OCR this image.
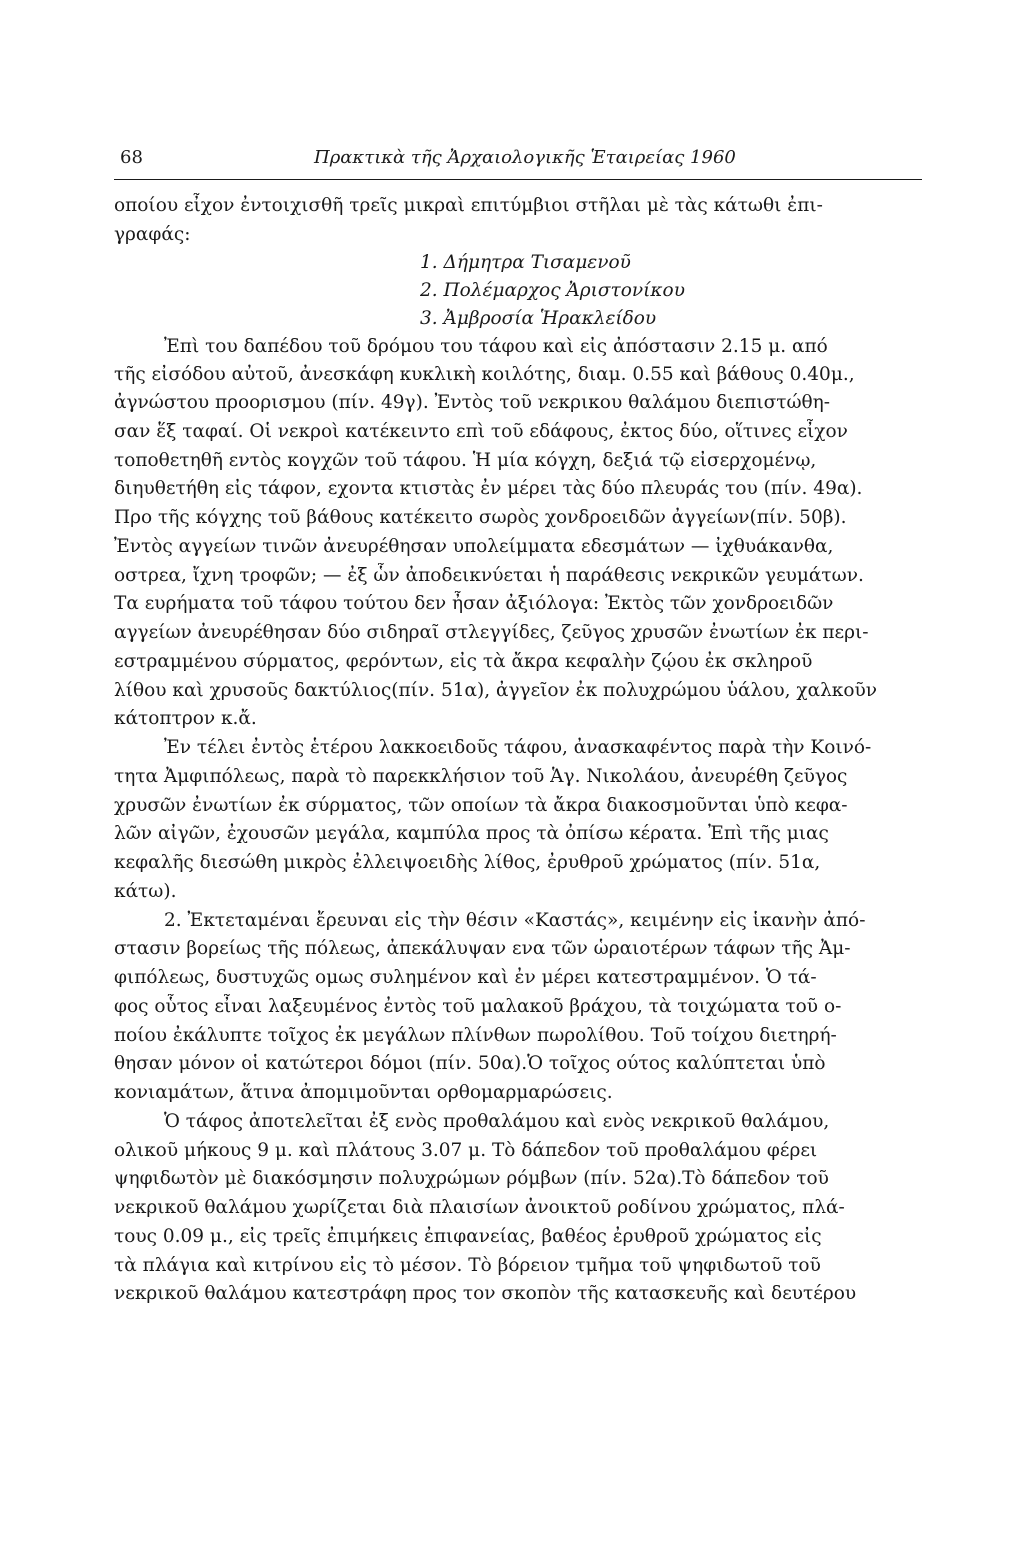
68	Πρακτικὰ τῆς Ἀρχαιολογικῆς Ἑταιρείας 1960
οποίου εἶχον ἐντοιχισθῆ τρεῖς μικραὶ επιτύμβιοι στῆλαι μὲ τὰς κάτωθι ἐπι-
γραφάς:
1. Δήμητρα Τισαμενοῦ
2. Πολέμαρχος Ἀριστονίκου
3. Ἀμβροσία Ἡρακλείδου
Ἐπὶ του δαπέδου τοῦ δρόμου του τάφου καὶ εἰς ἀπόστασιν 2.15 μ. από
τῆς εἰσόδου αὐτοῦ, ἀνεσκάφη κυκλικὴ κοιλότης, διαμ. 0.55 καὶ βάθους 0.40μ.,
ἀγνώστου προορισμου (πίν. 49γ). Ἐντὸς τοῦ νεκρικου θαλάμου διεπιστώθη-
σαν ἕξ ταφαί. Οἱ νεκροὶ κατέκειντο επὶ τοῦ εδάφους, ἐκτος δύο, οἵτινες εἶχον
τοποθετηθῆ εντὸς κογχῶν τοῦ τάφου. Ἡ μία κόγχη, δεξιά τῷ εἰσερχομένῳ,
διηυθετήθη εἰς τάφον, εχοντα κτιστὰς ἐν μέρει τὰς δύο πλευράς του (πίν. 49α).
Προ τῆς κόγχης τοῦ βάθους κατέκειτο σωρὸς χονδροειδῶν ἀγγείων(πίν. 50β).
Ἐντὸς αγγείων τινῶν ἀνευρέθησαν υπολείμματα εδεσμάτων — ἰχθυάκανθα,
οστρεα, ἴχνη τροφῶν; — ἐξ ὧν ἀποδεικνύεται ἡ παράθεσις νεκρικῶν γευμάτων.
Τα ευρήματα τοῦ τάφου τούτου δεν ἦσαν ἀξιόλογα: Ἐκτὸς τῶν χονδροειδῶν
αγγείων ἀνευρέθησαν δύο σιδηραῖ στλεγγίδες, ζεῦγος χρυσῶν ἐνωτίων ἐκ περι-
εστραμμένου σύρματος, φερόντων, εἰς τὰ ἄκρα κεφαλὴν ζῴου ἐκ σκληροῦ
λίθου καὶ χρυσοῦς δακτύλιος(πίν. 51α), ἀγγεῖον ἐκ πολυχρώμου ὑάλου, χαλκοῦν
κάτοπτρον κ.ἄ.
Ἐν τέλει ἐντὸς ἑτέρου λακκοειδοῦς τάφου, ἀνασκαφέντος παρὰ τὴν Κοινό-
τητα Ἀμφιπόλεως, παρὰ τὸ παρεκκλήσιον τοῦ Ἁγ. Νικολάου, ἀνευρέθη ζεῦγος
χρυσῶν ἐνωτίων ἐκ σύρματος, τῶν οποίων τὰ ἄκρα διακοσμοῦνται ὑπὸ κεφα-
λῶν αἰγῶν, ἐχουσῶν μεγάλα, καμπύλα προς τὰ ὀπίσω κέρατα. Ἐπὶ τῆς μιας
κεφαλῆς διεσώθη μικρὸς ἐλλειψοειδὴς λίθος, ἐρυθροῦ χρώματος (πίν. 51α,
κάτω).
2. Ἐκτεταμέναι ἔρευναι εἰς τὴν θέσιν «Καστάς», κειμένην εἰς ἱκανὴν ἀπό-
στασιν βορείως τῆς πόλεως, ἀπεκάλυψαν ενα τῶν ὡραιοτέρων τάφων τῆς Ἀμ-
φιπόλεως, δυστυχῶς ομως συλημένον καὶ ἐν μέρει κατεστραμμένον. Ὁ τά-
φος οὗτος εἶναι λαξευμένος ἐντὸς τοῦ μαλακοῦ βράχου, τὰ τοιχώματα τοῦ ο-
ποίου ἐκάλυπτε τοῖχος ἐκ μεγάλων πλίνθων πωρολίθου. Τοῦ τοίχου διετηρή-
θησαν μόνον οἱ κατώτεροι δόμοι (πίν. 50α).Ὁ τοῖχος ούτος καλύπτεται ὑπὸ
κονιαμάτων, ἅτινα ἀπομιμοῦνται ορθομαρμαρώσεις.
Ὁ τάφος ἀποτελεῖται ἐξ ενὸς προθαλάμου καὶ ενὸς νεκρικοῦ θαλάμου,
ολικοῦ μήκους 9 μ. καὶ πλάτους 3.07 μ. Τὸ δάπεδον τοῦ προθαλάμου φέρει
ψηφιδωτὸν μὲ διακόσμησιν πολυχρώμων ρόμβων (πίν. 52α).Τὸ δάπεδον τοῦ
νεκρικοῦ θαλάμου χωρίζεται διὰ πλαισίων ἀνοικτοῦ ροδίνου χρώματος, πλά-
τους 0.09 μ., εἰς τρεῖς ἐπιμήκεις ἐπιφανείας, βαθέος ἐρυθροῦ χρώματος εἰς
τὰ πλάγια καὶ κιτρίνου εἰς τὸ μέσον. Τὸ βόρειον τμῆμα τοῦ ψηφιδωτοῦ τοῦ
νεκρικοῦ θαλάμου κατεστράφη προς τον σκοπὸν τῆς κατασκευῆς καὶ δευτέρου
